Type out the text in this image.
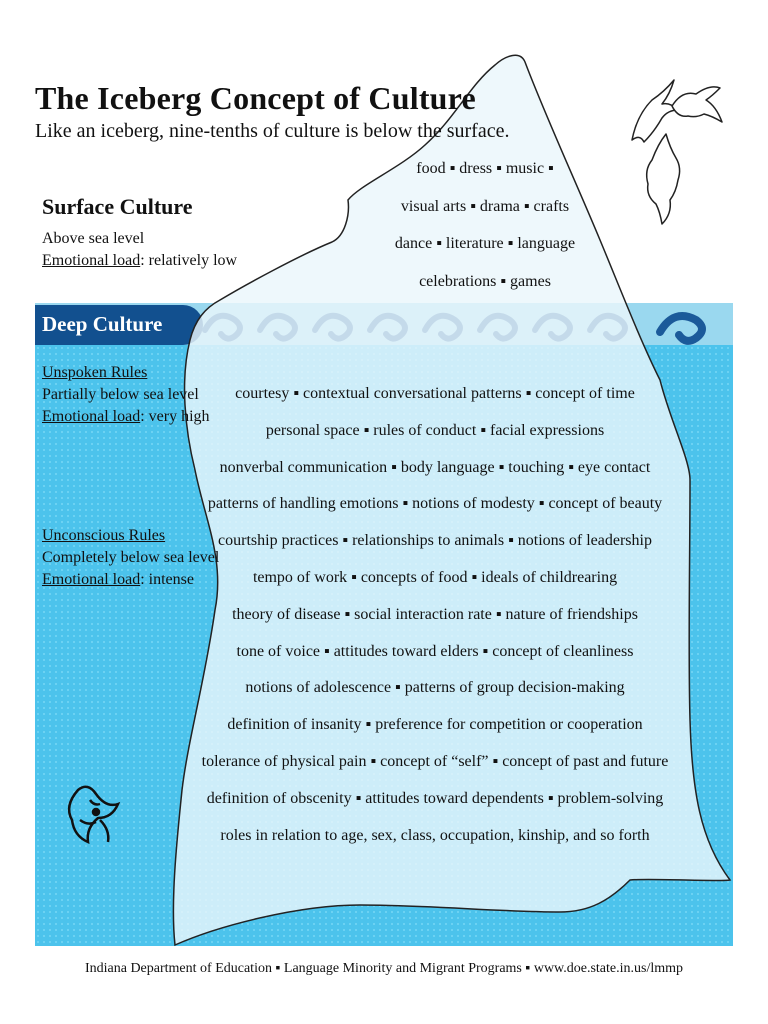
The Iceberg Concept of Culture
Like an iceberg, nine-tenths of culture is below the surface.
Surface Culture
Above sea level
Emotional load: relatively low
food ▪ dress ▪ music ▪
visual arts ▪ drama ▪ crafts
dance ▪ literature ▪ language
celebrations ▪ games
Deep Culture
Unspoken Rules
Partially below sea level
Emotional load: very high
Unconscious Rules
Completely below sea level
Emotional load: intense
courtesy ▪ contextual conversational patterns ▪ concept of time
personal space ▪ rules of conduct ▪ facial expressions
nonverbal communication ▪ body language ▪ touching ▪ eye contact
patterns of handling emotions ▪ notions of modesty ▪ concept of beauty
courtship practices ▪ relationships to animals ▪ notions of leadership
tempo of work ▪ concepts of food ▪ ideals of childrearing
theory of disease ▪ social interaction rate ▪ nature of friendships
tone of voice ▪ attitudes toward elders ▪ concept of cleanliness
notions of adolescence ▪ patterns of group decision-making
definition of insanity ▪ preference for competition or cooperation
tolerance of physical pain ▪ concept of “self” ▪ concept of past and future
definition of obscenity ▪ attitudes toward dependents ▪ problem-solving
roles in relation to age, sex, class, occupation, kinship, and so forth
Indiana Department of Education ▪ Language Minority and Migrant Programs ▪ www.doe.state.in.us/lmmp
